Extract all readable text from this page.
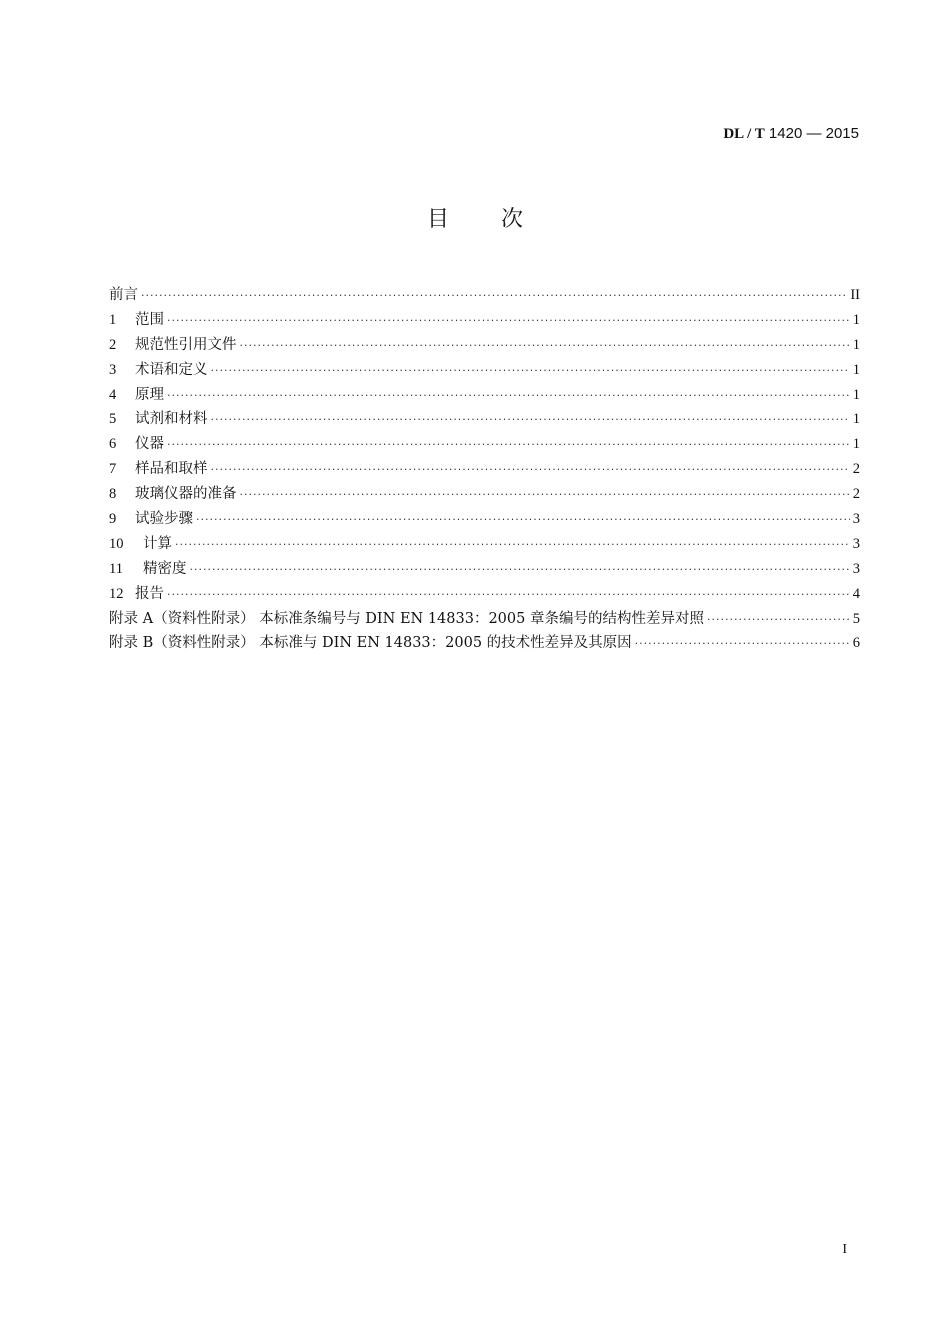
DL / T 1420 — 2015
目 次
前言 ·····	II
1	范围 ·····	1
2	规范性引用文件 ·····	1
3	术语和定义 ·····	1
4	原理 ·····	1
5	试剂和材料 ·····	1
6	仪器 ·····	1
7	样品和取样 ·····	2
8	玻璃仪器的准备 ·····	2
9	试验步骤 ·····	3
10	计算 ·····	3
11	精密度 ·····	3
12 报告 ·····	4
附录 A（资料性附录） 本标准条编号与 DIN EN 14833：2005 章条编号的结构性差异对照 ·····	5
附录 B（资料性附录） 本标准与 DIN EN 14833：2005 的技术性差异及其原因 ·····	6
I
